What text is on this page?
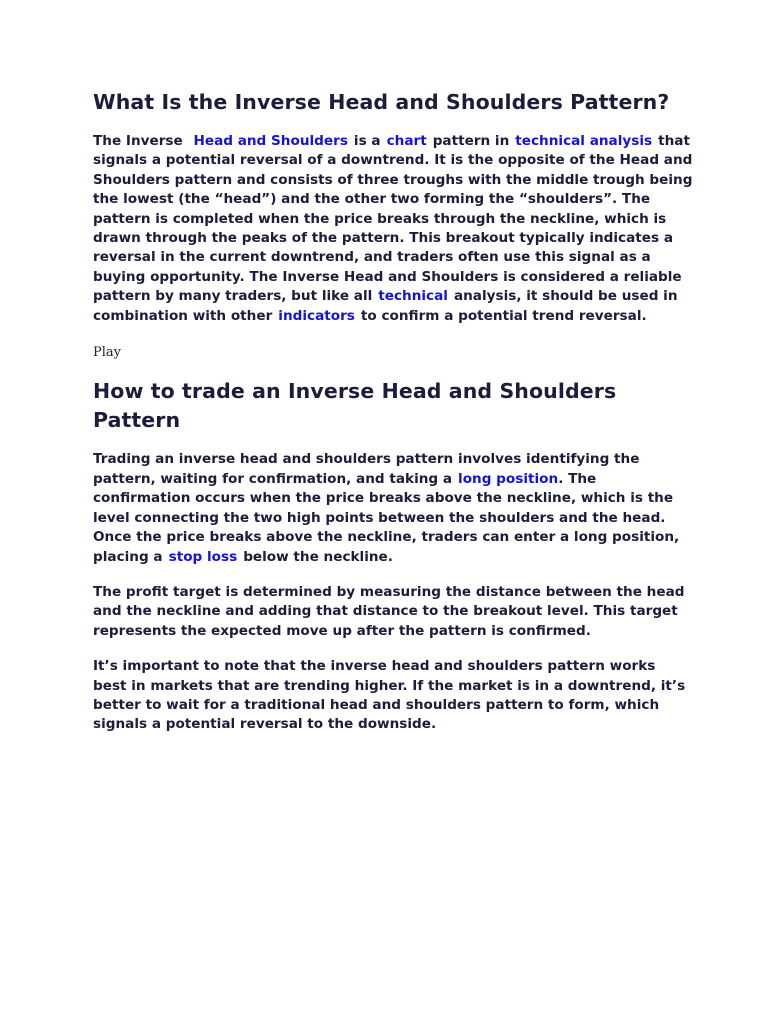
What Is the Inverse Head and Shoulders Pattern?

The Inverse Head and Shoulders is a chart pattern in technical analysis that signals a potential reversal of a downtrend. It is the opposite of the Head and Shoulders pattern and consists of three troughs with the middle trough being the lowest (the “head”) and the other two forming the “shoulders”. The pattern is completed when the price breaks through the neckline, which is drawn through the peaks of the pattern. This breakout typically indicates a reversal in the current downtrend, and traders often use this signal as a buying opportunity. The Inverse Head and Shoulders is considered a reliable pattern by many traders, but like all technical analysis, it should be used in combination with other indicators to confirm a potential trend reversal.

Play

How to trade an Inverse Head and Shoulders Pattern

Trading an inverse head and shoulders pattern involves identifying the pattern, waiting for confirmation, and taking a long position. The confirmation occurs when the price breaks above the neckline, which is the level connecting the two high points between the shoulders and the head. Once the price breaks above the neckline, traders can enter a long position, placing a stop loss below the neckline.

The profit target is determined by measuring the distance between the head and the neckline and adding that distance to the breakout level. This target represents the expected move up after the pattern is confirmed.

It’s important to note that the inverse head and shoulders pattern works best in markets that are trending higher. If the market is in a downtrend, it’s better to wait for a traditional head and shoulders pattern to form, which signals a potential reversal to the downside.
